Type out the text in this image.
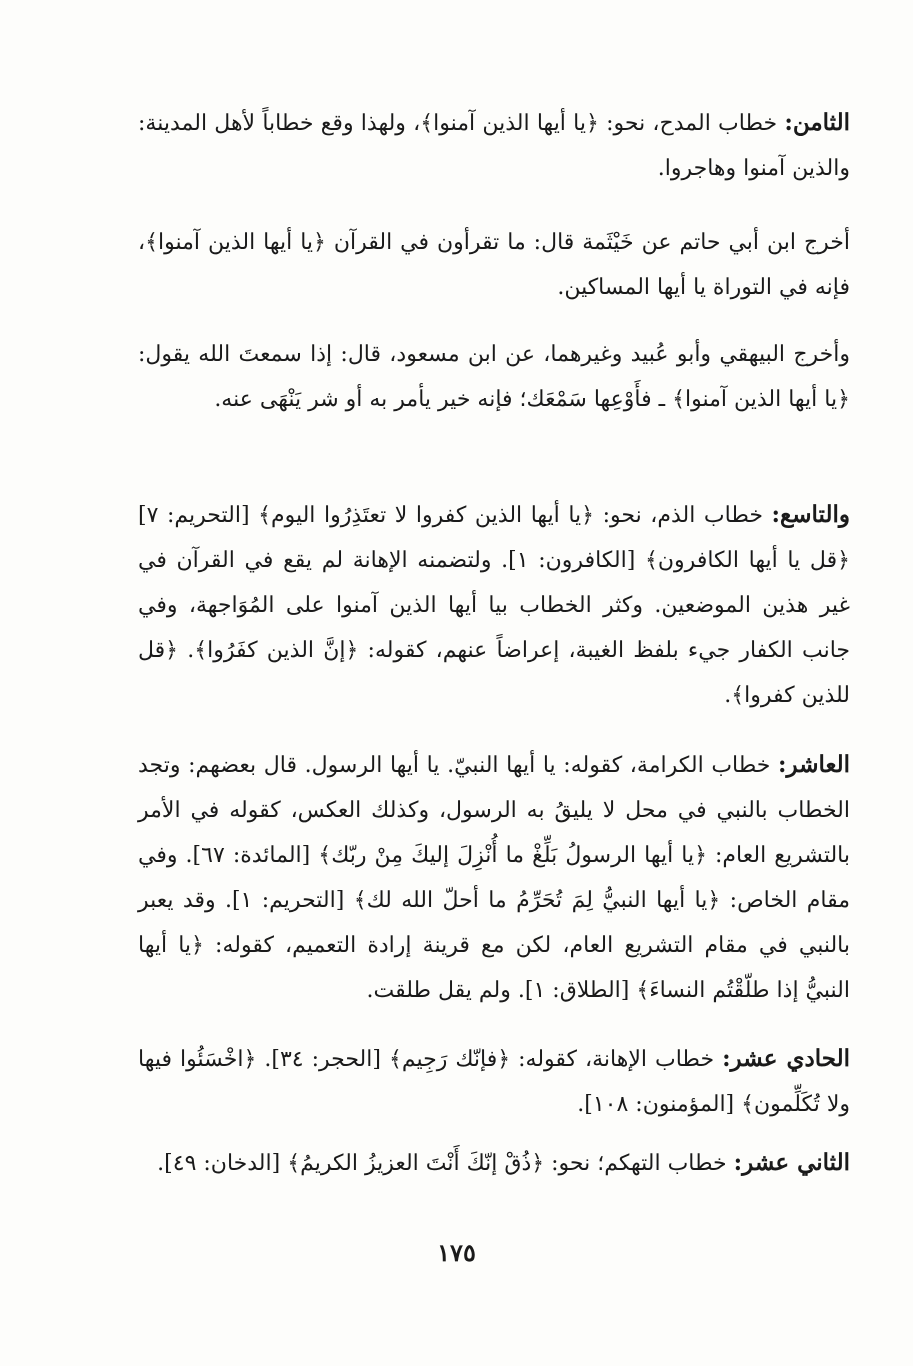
الثامن: خطاب المدح، نحو: ﴿يا أيها الذين آمنوا﴾، ولهذا وقع خطاباً لأهل المدينة: والذين آمنوا وهاجروا.

أخرج ابن أبي حاتم عن خَيْثَمة قال: ما تقرأون في القرآن ﴿يا أيها الذين آمنوا﴾، فإنه في التوراة يا أيها المساكين.

وأخرج البيهقي وأبو عُبيد وغيرهما، عن ابن مسعود، قال: إذا سمعتَ الله يقول: ﴿يا أيها الذين آمنوا﴾ ـ فأَوْعِها سَمْعَك؛ فإنه خير يأمر به أو شر يَنْهَى عنه.

والتاسع: خطاب الذم، نحو: ﴿يا أيها الذين كفروا لا تعتَذِرُوا اليوم﴾ [التحريم: ٧] ﴿قل يا أيها الكافرون﴾ [الكافرون: ١]. ولتضمنه الإهانة لم يقع في القرآن في غير هذين الموضعين. وكثر الخطاب بيا أيها الذين آمنوا على المُوَاجهة، وفي جانب الكفار جيء بلفظ الغيبة، إعراضاً عنهم، كقوله: ﴿إنَّ الذين كفَرُوا﴾. ﴿قل للذين كفروا﴾.

العاشر: خطاب الكرامة، كقوله: يا أيها النبيّ. يا أيها الرسول. قال بعضهم: وتجد الخطاب بالنبي في محل لا يليقُ به الرسول، وكذلك العكس، كقوله في الأمر بالتشريع العام: ﴿يا أيها الرسولُ بَلِّغْ ما أُنْزِلَ إليكَ مِنْ ربّك﴾ [المائدة: ٦٧]. وفي مقام الخاص: ﴿يا أيها النبيُّ لِمَ تُحَرِّمُ ما أحلّ الله لك﴾ [التحريم: ١]. وقد يعبر بالنبي في مقام التشريع العام، لكن مع قرينة إرادة التعميم، كقوله: ﴿يا أيها النبيُّ إذا طلّقْتُم النساءَ﴾ [الطلاق: ١]. ولم يقل طلقت.

الحادي عشر: خطاب الإهانة، كقوله: ﴿فإنّك رَجِيم﴾ [الحجر: ٣٤]. ﴿اخْسَئُوا فيها ولا تُكَلِّمون﴾ [المؤمنون: ١٠٨].

الثاني عشر: خطاب التهكم؛ نحو: ﴿ذُقْ إنّكَ أَنْتَ العزيزُ الكريمُ﴾ [الدخان: ٤٩].

١٧٥
